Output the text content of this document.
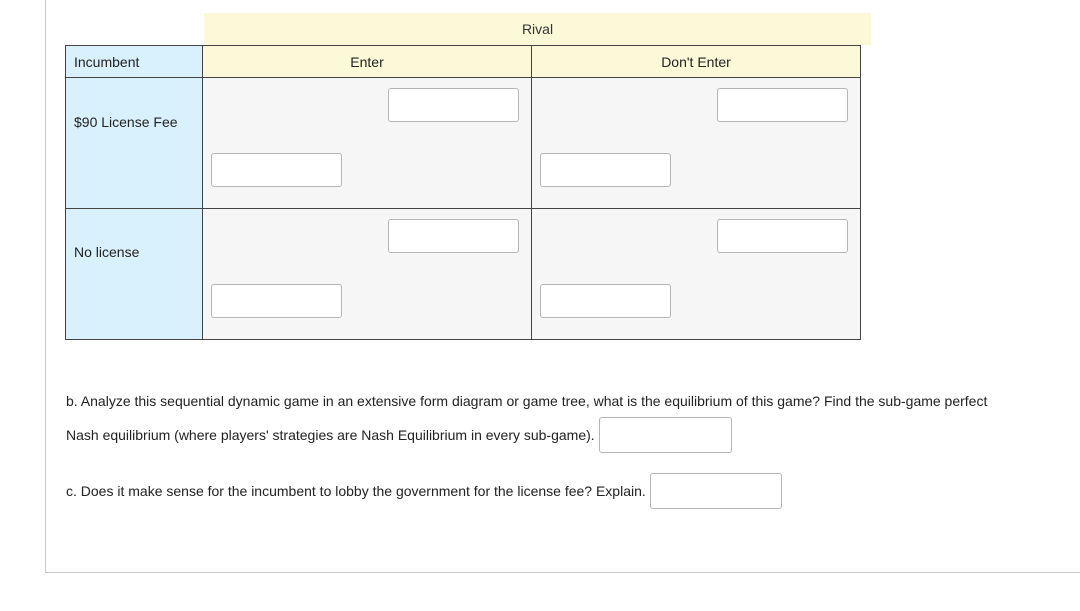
Rival
Incumbent	Enter	Don't Enter
$90 License Fee	

No license	

b. Analyze this sequential dynamic game in an extensive form diagram or game tree, what is the equilibrium of this game? Find the sub-game perfect
Nash equilibrium (where players' strategies are Nash Equilibrium in every sub-game).
c. Does it make sense for the incumbent to lobby the government for the license fee? Explain.
